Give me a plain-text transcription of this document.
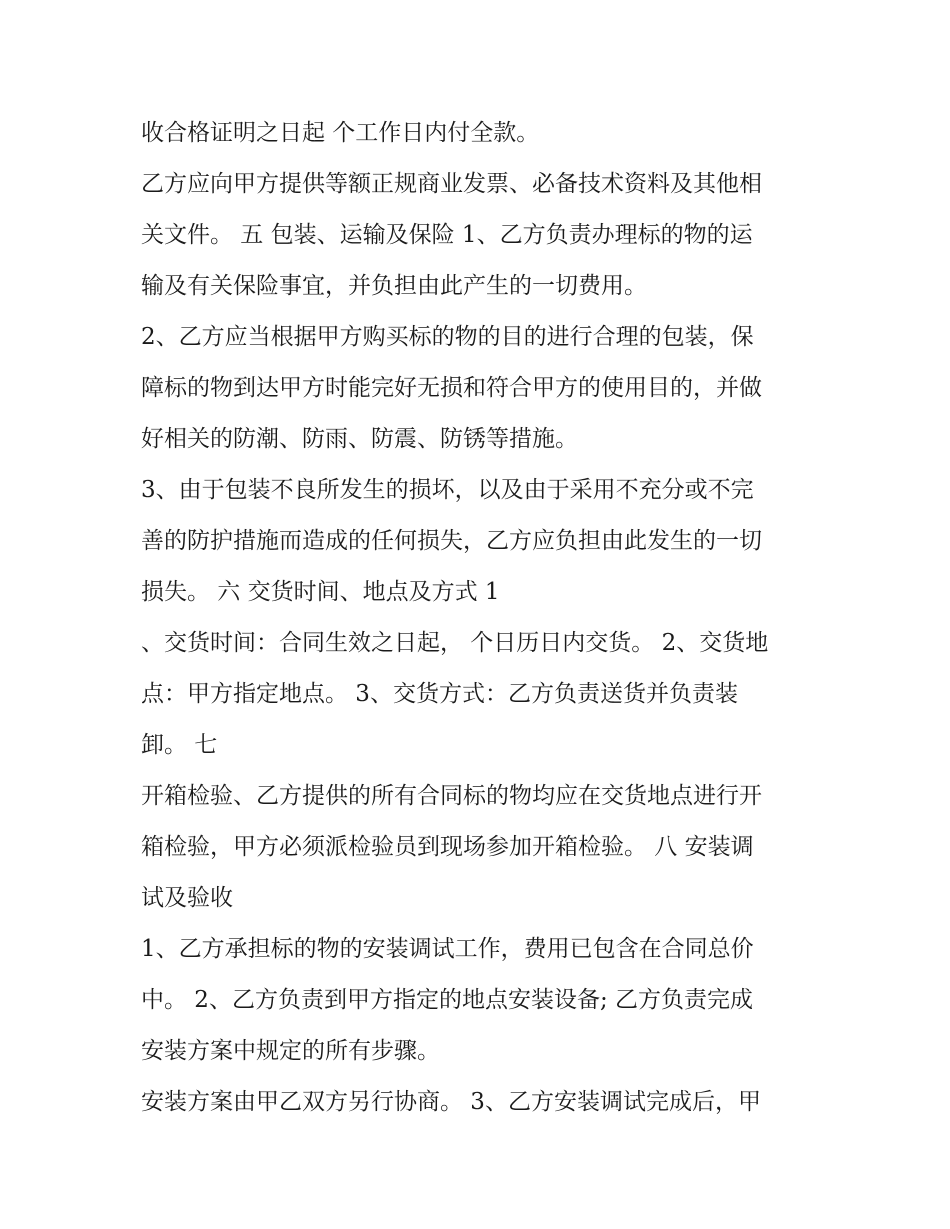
收合格证明之日起 个工作日内付全款。
乙方应向甲方提供等额正规商业发票、必备技术资料及其他相
关文件。 五 包装、运输及保险 1、乙方负责办理标的物的运
输及有关保险事宜，并负担由此产生的一切费用。
2、乙方应当根据甲方购买标的物的目的进行合理的包装，保
障标的物到达甲方时能完好无损和符合甲方的使用目的，并做
好相关的防潮、防雨、防震、防锈等措施。
3、由于包装不良所发生的损坏，以及由于采用不充分或不完
善的防护措施而造成的任何损失，乙方应负担由此发生的一切
损失。 六 交货时间、地点及方式 1
、交货时间：合同生效之日起， 个日历日内交货。 2、交货地
点：甲方指定地点。 3、交货方式：乙方负责送货并负责装
卸。 七
开箱检验、乙方提供的所有合同标的物均应在交货地点进行开
箱检验，甲方必须派检验员到现场参加开箱检验。 八 安装调
试及验收
1、乙方承担标的物的安装调试工作，费用已包含在合同总价
中。 2、乙方负责到甲方指定的地点安装设备; 乙方负责完成
安装方案中规定的所有步骤。
安装方案由甲乙双方另行协商。 3、乙方安装调试完成后，甲
